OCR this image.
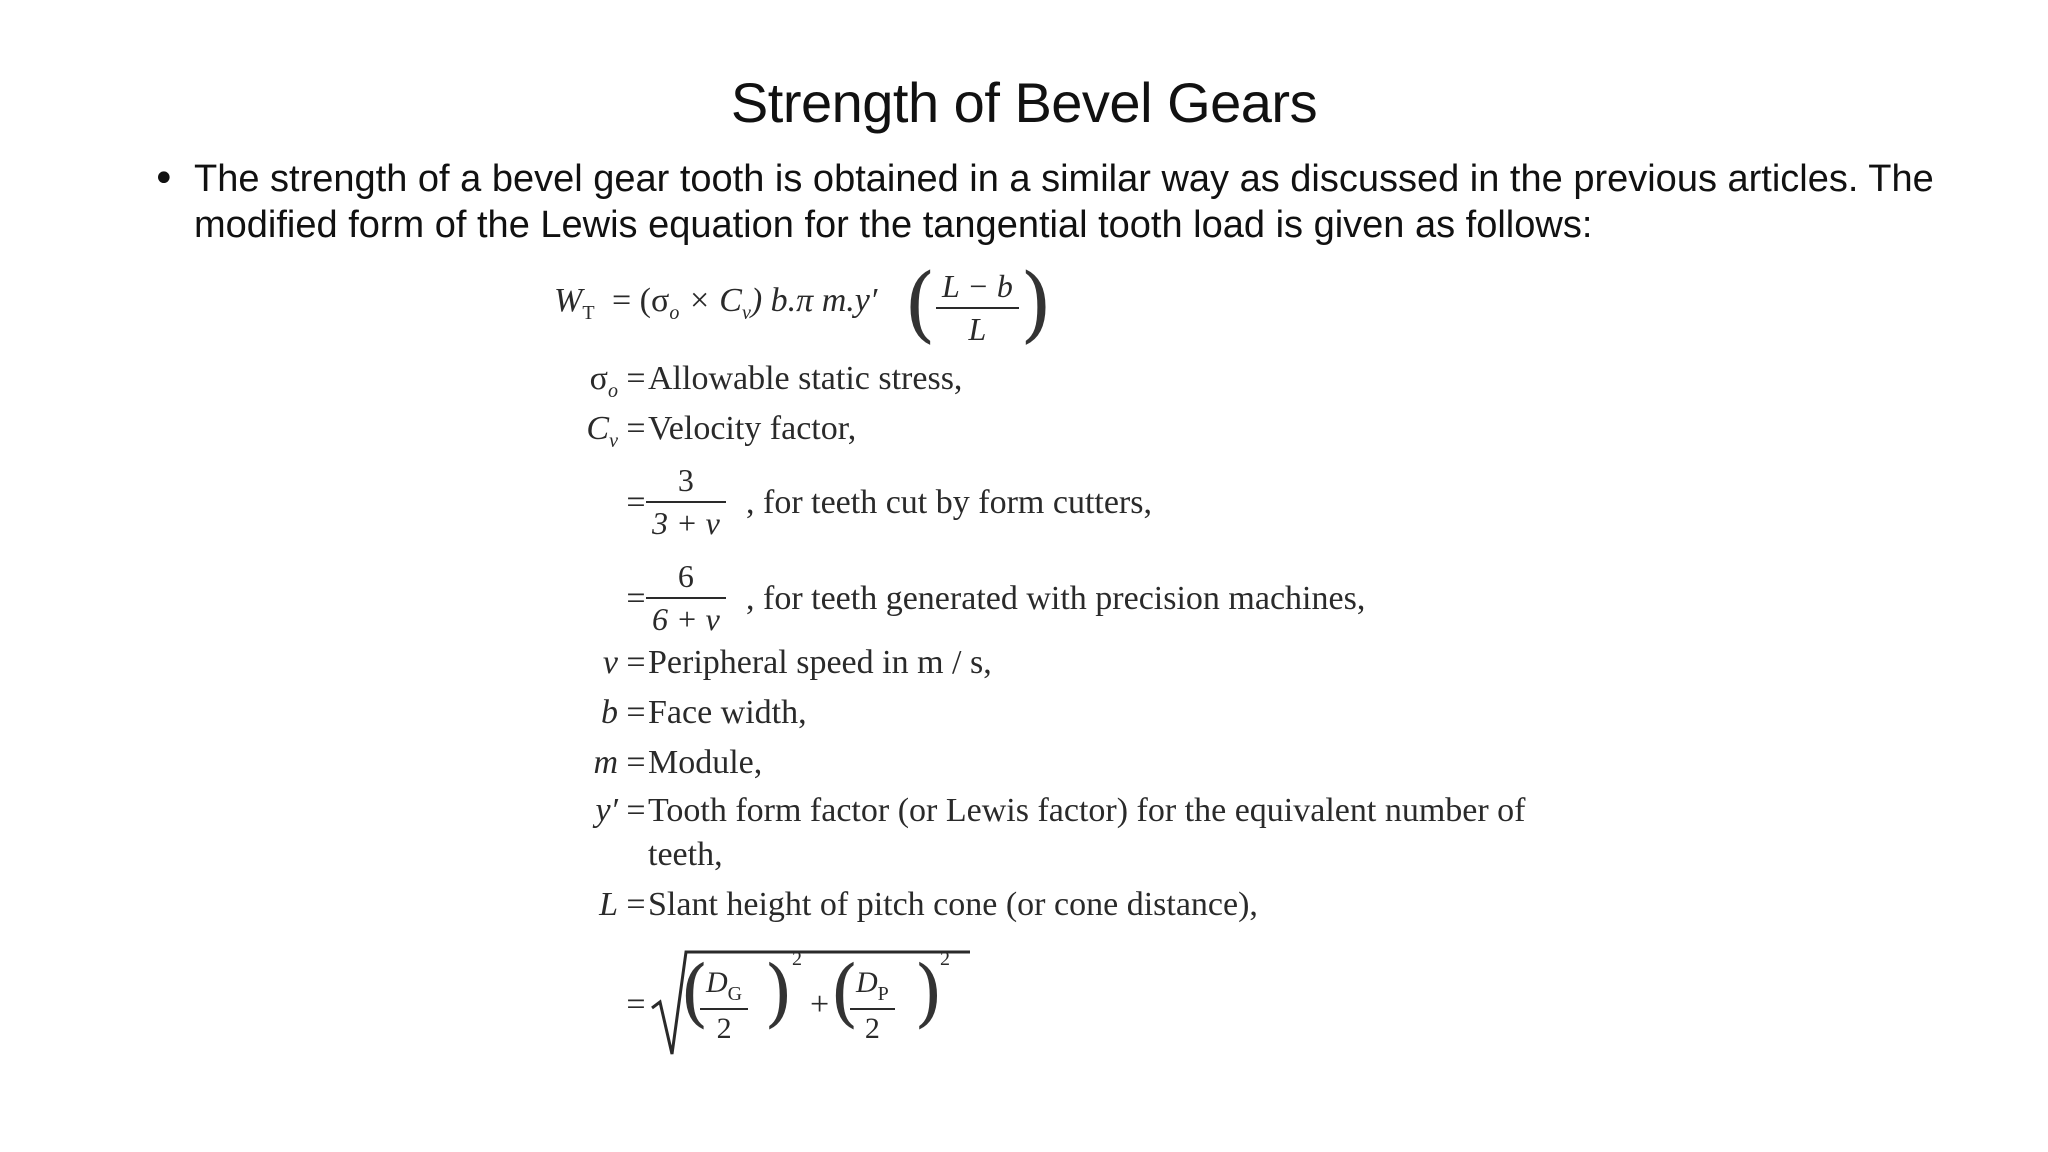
Strength of Bevel Gears
• The strength of a bevel gear tooth is obtained in a similar way as discussed in the previous articles. The modified form of the Lewis equation for the tangential tooth load is given as follows:
$W_T = (\sigma_o \times C_v)$ b.π m.y′ ( L − b
L )
$\sigma_o$ = Allowable static stress,
$C_v$ = Velocity factor,
=
3
3 + v
, for teeth cut by form cutters,
=
6
6 + v
, for teeth generated with precision machines,
v = Peripheral speed in m / s,
b = Face width,
m = Module,
y′ = Tooth form factor (or Lewis factor) for the equivalent number of
teeth,
L = Slant height of pitch cone (or cone distance),
= (
$D_G$
2 ) 2
+ (
$D_P$
2 )
2
